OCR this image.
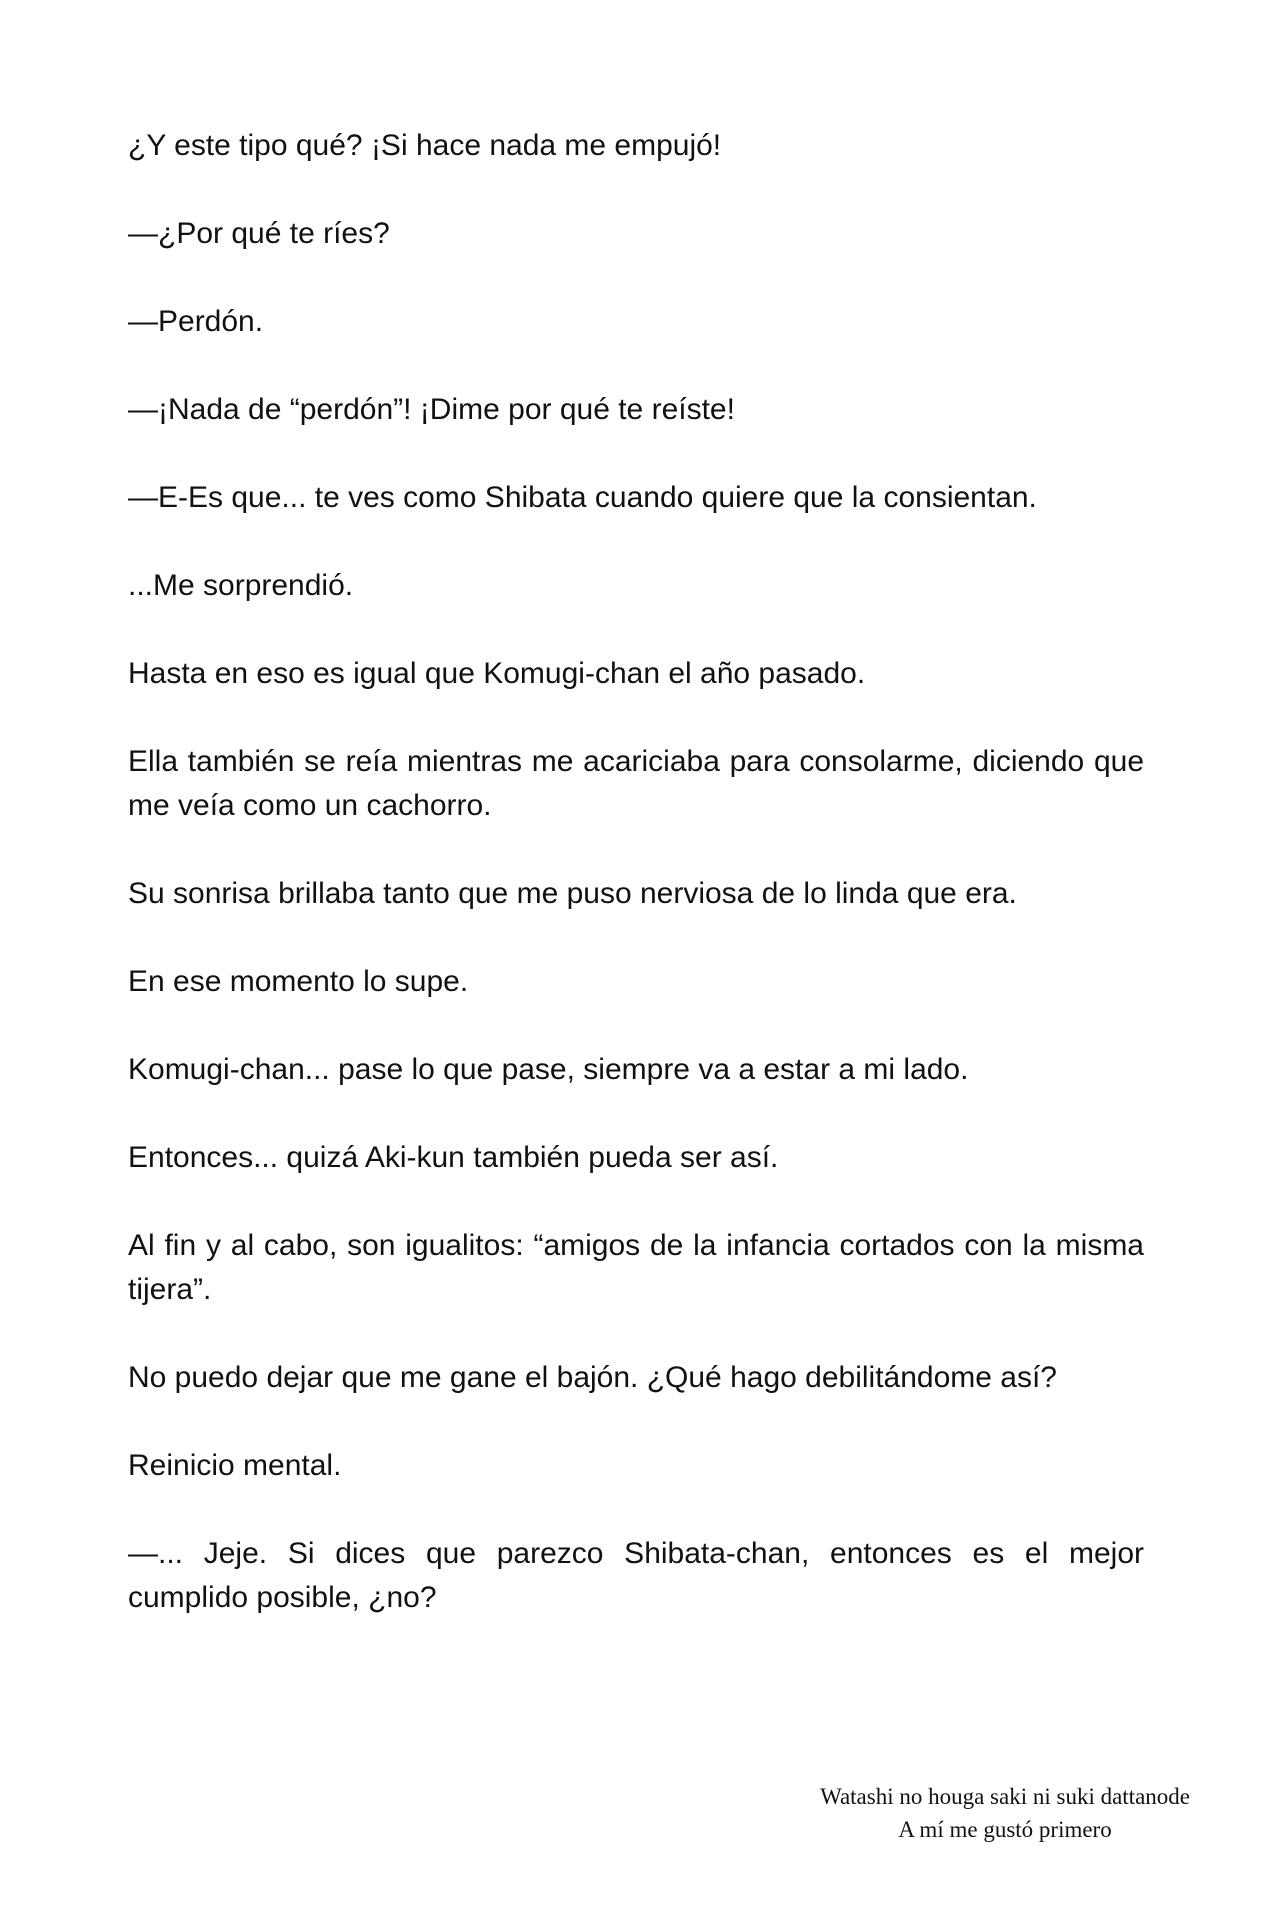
¿Y este tipo qué? ¡Si hace nada me empujó!

—¿Por qué te ríes?

—Perdón.

—¡Nada de “perdón”! ¡Dime por qué te reíste!

—E-Es que... te ves como Shibata cuando quiere que la consientan.

...Me sorprendió.

Hasta en eso es igual que Komugi-chan el año pasado.

Ella también se reía mientras me acariciaba para consolarme, diciendo que me veía como un cachorro.

Su sonrisa brillaba tanto que me puso nerviosa de lo linda que era.

En ese momento lo supe.

Komugi-chan... pase lo que pase, siempre va a estar a mi lado.

Entonces... quizá Aki-kun también pueda ser así.

Al fin y al cabo, son igualitos: “amigos de la infancia cortados con la misma tijera”.

No puedo dejar que me gane el bajón. ¿Qué hago debilitándome así?

Reinicio mental.

—... Jeje. Si dices que parezco Shibata-chan, entonces es el mejor cumplido posible, ¿no?

Watashi no houga saki ni suki dattanode
A mí me gustó primero
